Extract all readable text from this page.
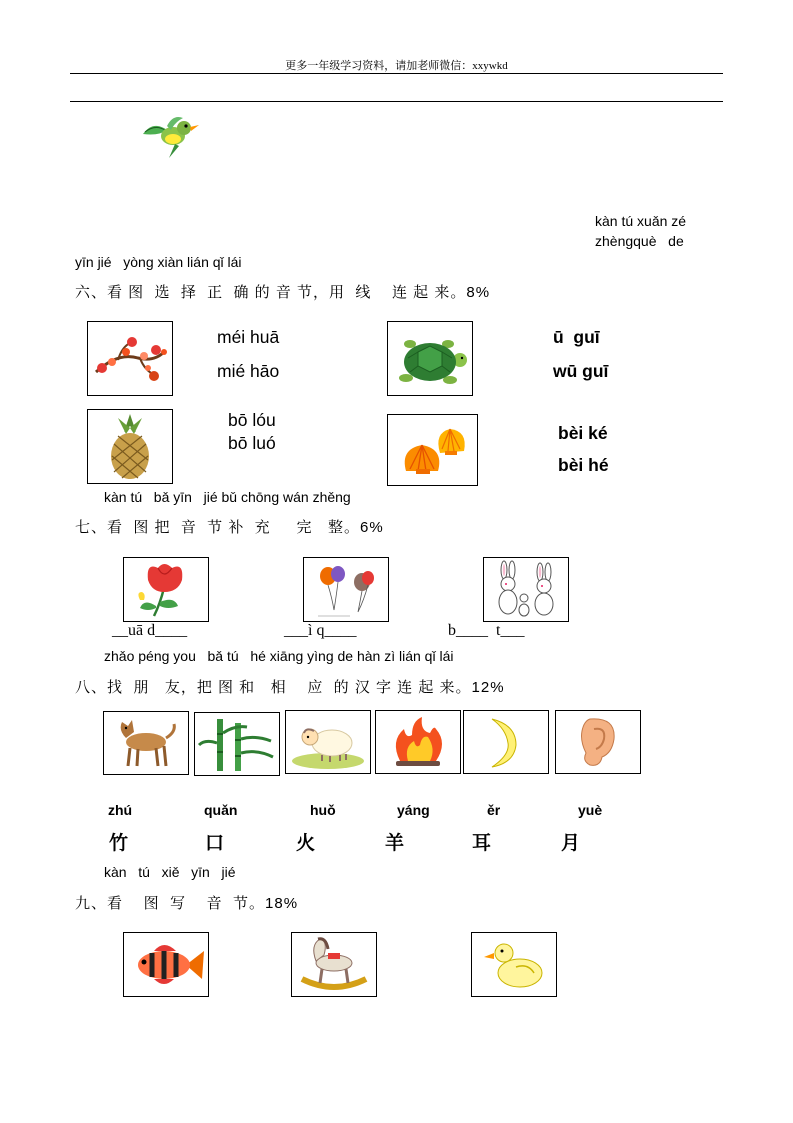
更多一年级学习资料，请加老师微信：xxywkd
kàn tú xuǎn zé
zhèngquè   de
yīn jié   yòng xiàn lián qǐ lái
六、看 图  选  择  正  确 的 音 节，用  线    连 起 来。8%
méi huā
mié hāo
ū  guī
wū guī
bō lóu
bō luó	bèi ké
bèi hé
kàn tú   bǎ yīn   jié bǔ chōng wán zhěng
七、看  图 把  音  节 补  充     完   整。6%
__uā d____	___ì q____	b____  t___
zhǎo péng you   bǎ tú   hé xiāng yìng de hàn zì lián qǐ lái
八、找  朋   友，把 图 和   相    应  的 汉 字 连 起 来。12%
zhú	quǎn	huǒ	yáng	ěr	yuè
竹	口	火	羊	耳	月
kàn   tú   xiě   yīn   jié
九、看    图  写    音  节。18%
